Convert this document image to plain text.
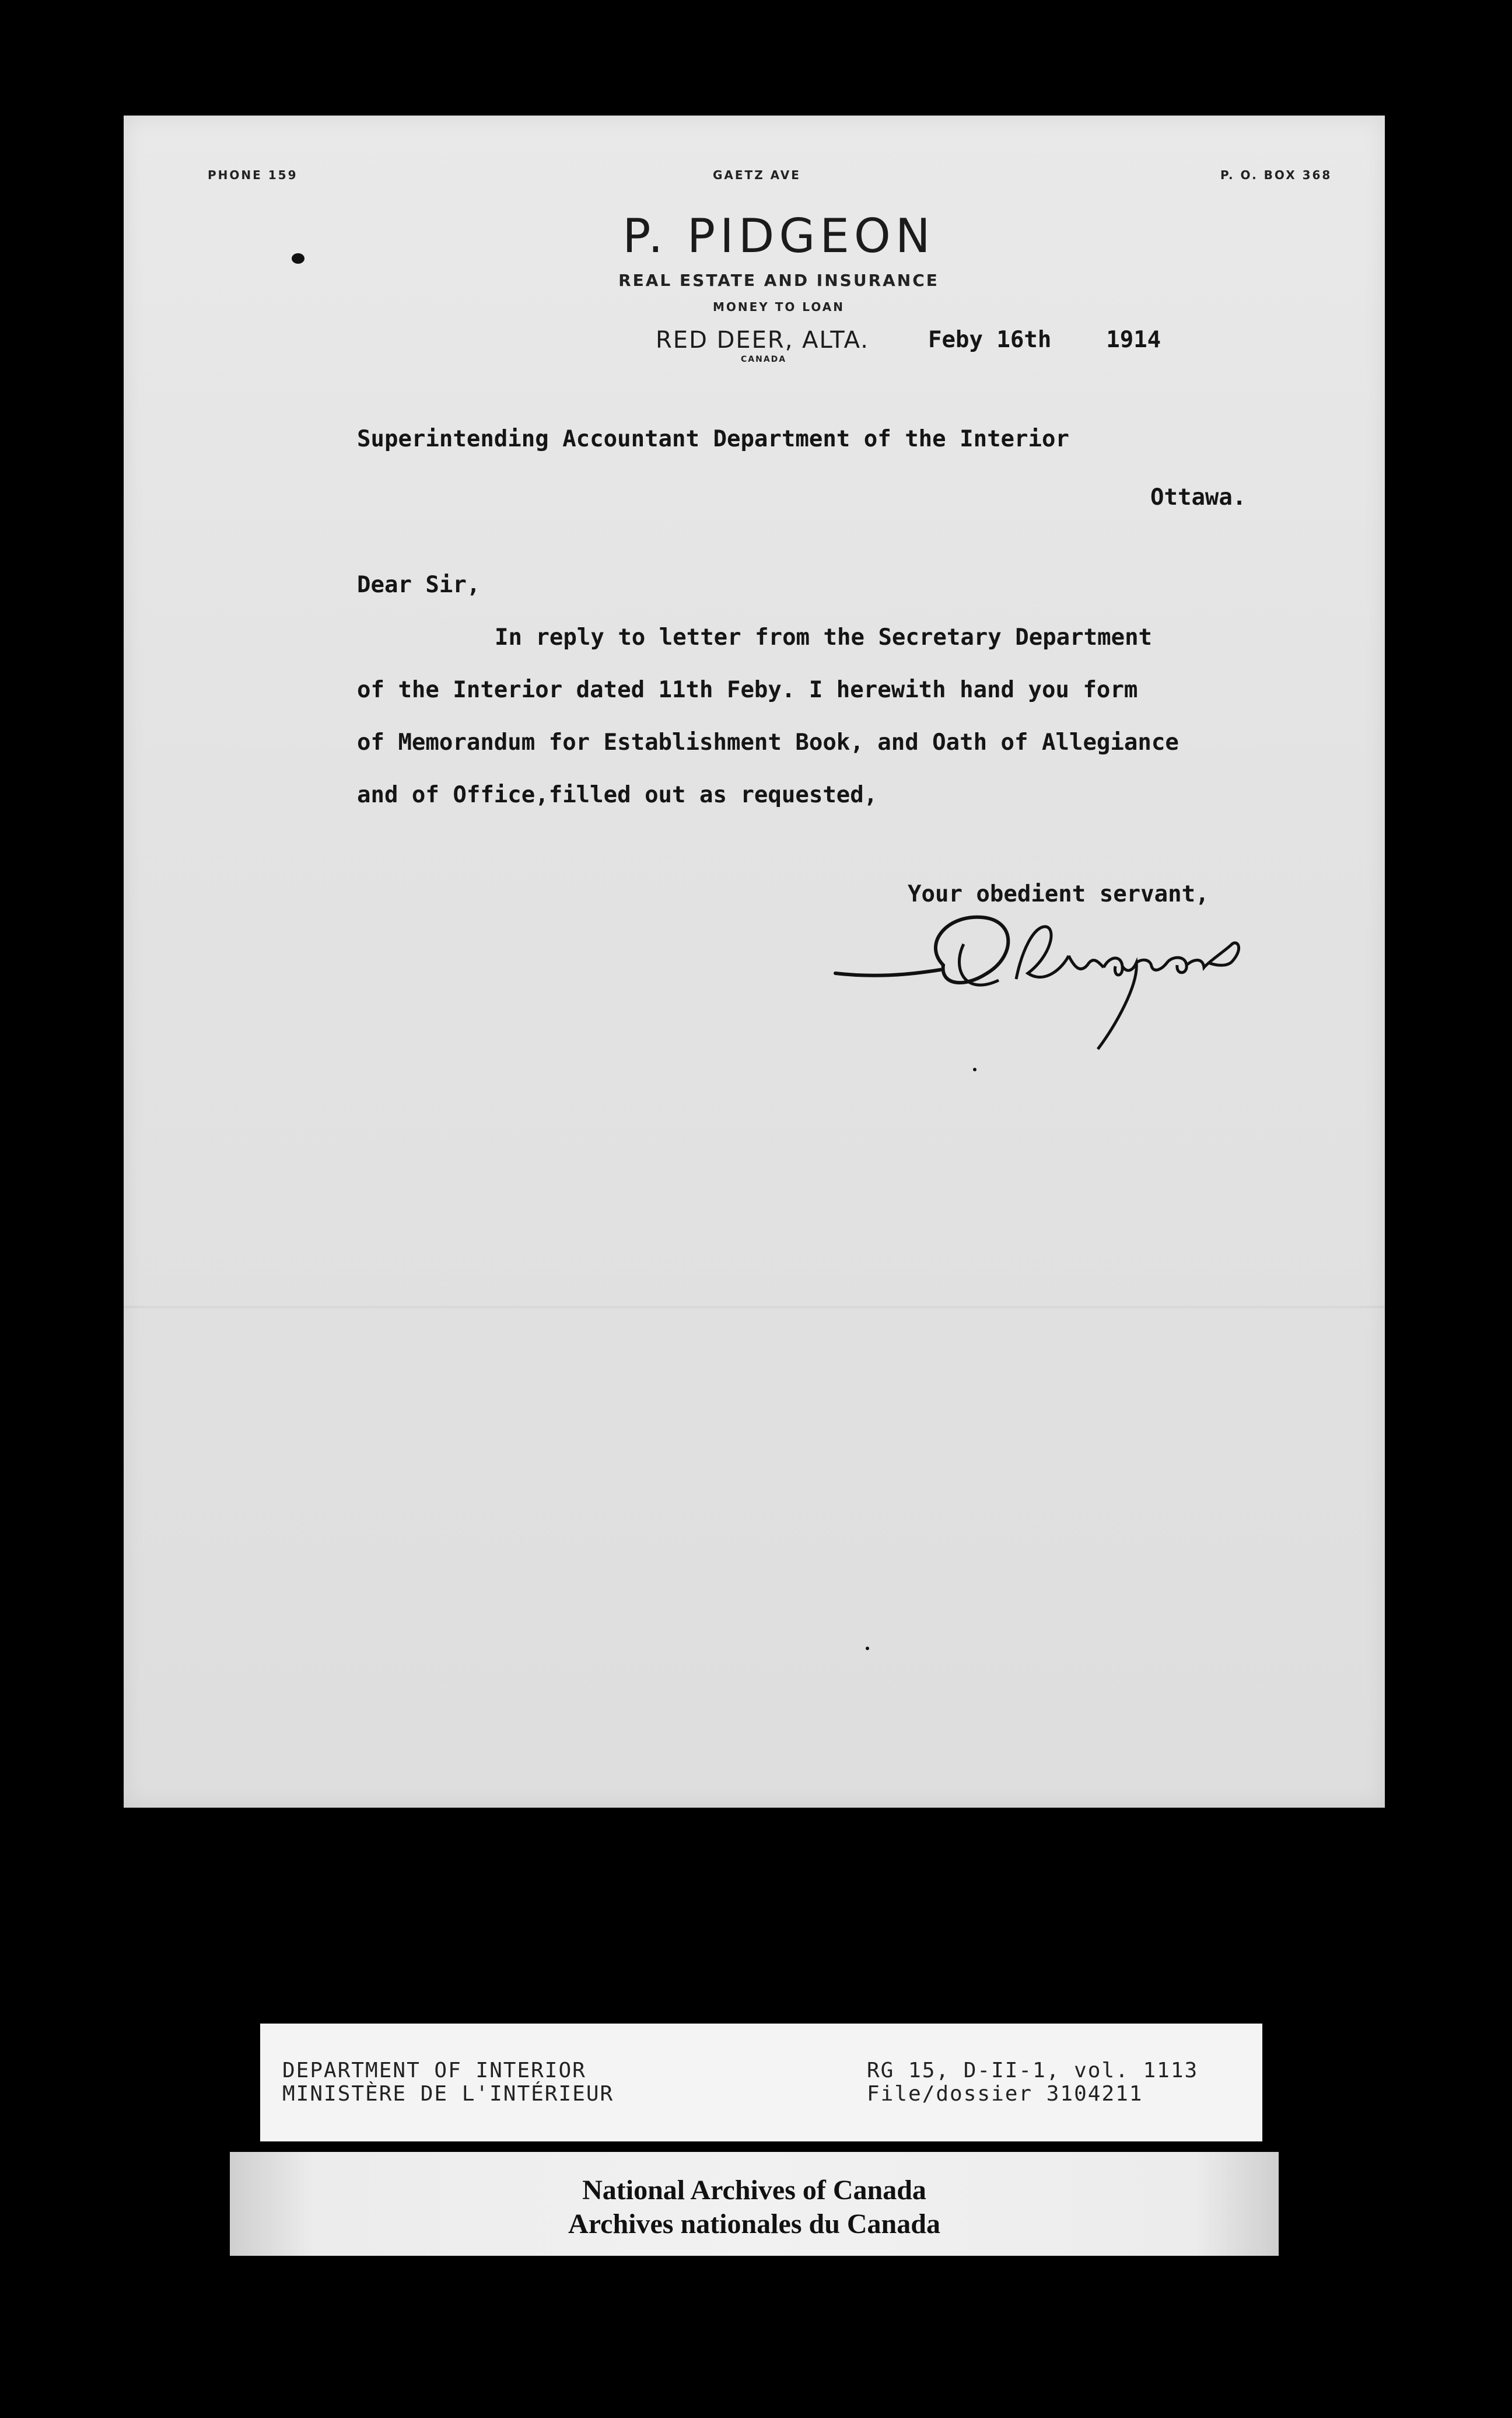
PHONE 159	GAETZ AVE	P. O. BOX 368
P. PIDGEON
REAL ESTATE AND INSURANCE
MONEY TO LOAN
RED DEER, ALTA.
CANADA
Feby 16th    1914
Superintending Accountant Department of the Interior
Ottawa.
Dear Sir,
In reply to letter from the Secretary Department
of the Interior dated 11th Feby. I herewith hand you form
of Memorandum for Establishment Book, and Oath of Allegiance
and of Office,filled out as requested,
Your obedient servant,
DEPARTMENT OF INTERIOR
MINISTÈRE DE L'INTÉRIEUR
RG 15, D-II-1, vol. 1113
File/dossier 3104211
National Archives of Canada
Archives nationales du Canada
